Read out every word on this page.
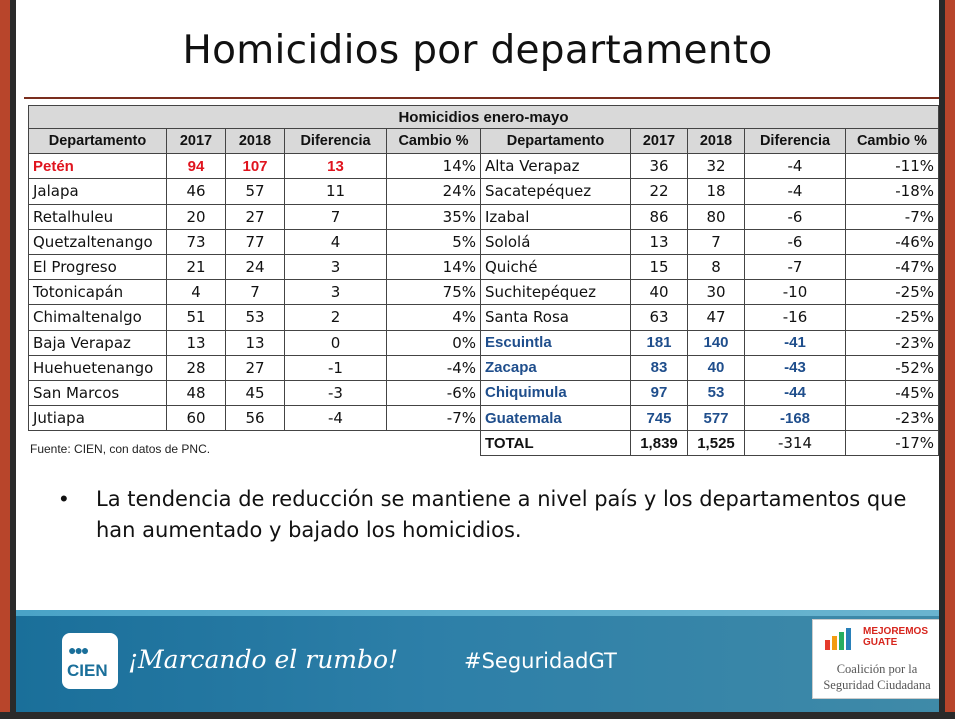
Homicidios por departamento
Homicidios enero-mayo									
Departamento	2017	2018	Diferencia	Cambio %	Departamento	2017	2018	Diferencia	Cambio %
Petén	94	107	13	14%	Alta Verapaz	36	32	-4	-11%
Jalapa	46	57	11	24%	Sacatepéquez	22	18	-4	-18%
Retalhuleu	20	27	7	35%	Izabal	86	80	-6	-7%
Quetzaltenango	73	77	4	5%	Sololá	13	7	-6	-46%
El Progreso	21	24	3	14%	Quiché	15	8	-7	-47%
Totonicapán	4	7	3	75%	Suchitepéquez	40	30	-10	-25%
Chimaltenalgo	51	53	2	4%	Santa Rosa	63	47	-16	-25%
Baja Verapaz	13	13	0	0%	Escuintla	181	140	-41	-23%
Huehuetenango	28	27	-1	-4%	Zacapa	83	40	-43	-52%
San Marcos	48	45	-3	-6%	Chiquimula	97	53	-44	-45%
Jutiapa	60	56	-4	-7%	Guatemala	745	577	-168	-23%
					TOTAL	1,839	1,525	-314	-17%
Fuente: CIEN, con datos de PNC.
• La tendencia de reducción se mantiene a nivel país y los departamentos que han aumentado y bajado los homicidios.
●●●
CIEN ¡Marcando el rumbo!	#SeguridadGT
MEJOREMOS
GUATE
Coalición por la
Seguridad Ciudadana
